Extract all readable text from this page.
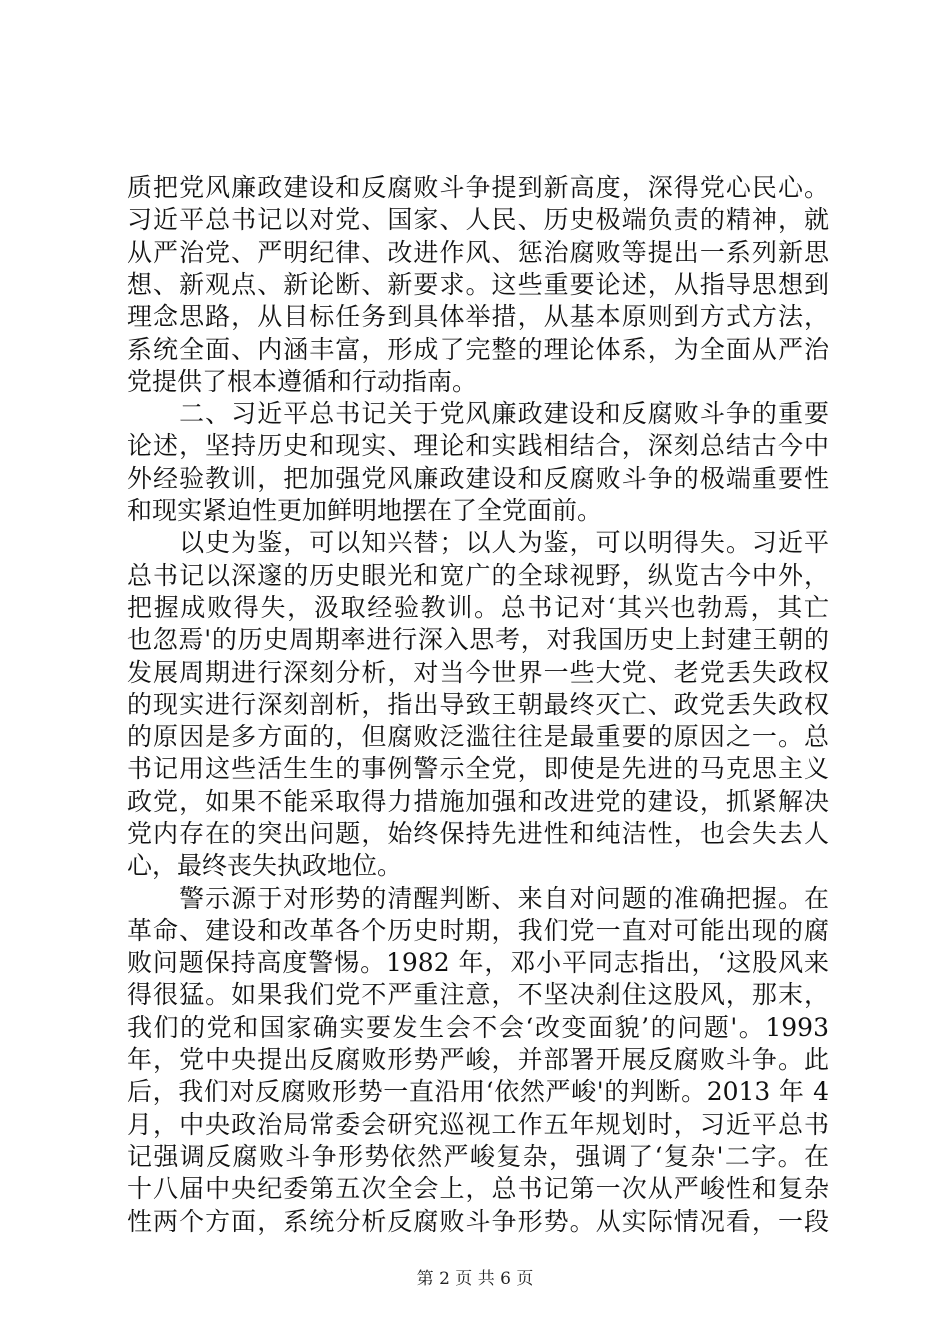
质把党风廉政建设和反腐败斗争提到新高度，深得党心民心。
习近平总书记以对党、国家、人民、历史极端负责的精神，就
从严治党、严明纪律、改进作风、惩治腐败等提出一系列新思
想、新观点、新论断、新要求。这些重要论述，从指导思想到
理念思路，从目标任务到具体举措，从基本原则到方式方法，
系统全面、内涵丰富，形成了完整的理论体系，为全面从严治
党提供了根本遵循和行动指南。
　　二、习近平总书记关于党风廉政建设和反腐败斗争的重要
论述，坚持历史和现实、理论和实践相结合，深刻总结古今中
外经验教训，把加强党风廉政建设和反腐败斗争的极端重要性
和现实紧迫性更加鲜明地摆在了全党面前。
　　以史为鉴，可以知兴替；以人为鉴，可以明得失。习近平
总书记以深邃的历史眼光和宽广的全球视野，纵览古今中外，
把握成败得失，汲取经验教训。总书记对‘其兴也勃焉，其亡
也忽焉'的历史周期率进行深入思考，对我国历史上封建王朝的
发展周期进行深刻分析，对当今世界一些大党、老党丢失政权
的现实进行深刻剖析，指出导致王朝最终灭亡、政党丢失政权
的原因是多方面的，但腐败泛滥往往是最重要的原因之一。总
书记用这些活生生的事例警示全党，即使是先进的马克思主义
政党，如果不能采取得力措施加强和改进党的建设，抓紧解决
党内存在的突出问题，始终保持先进性和纯洁性，也会失去人
心，最终丧失执政地位。
　　警示源于对形势的清醒判断、来自对问题的准确把握。在
革命、建设和改革各个历史时期，我们党一直对可能出现的腐
败问题保持高度警惕。1982 年，邓小平同志指出，‘这股风来
得很猛。如果我们党不严重注意，不坚决刹住这股风，那末，
我们的党和国家确实要发生会不会‘改变面貌’的问题'。1993
年，党中央提出反腐败形势严峻，并部署开展反腐败斗争。此
后，我们对反腐败形势一直沿用‘依然严峻'的判断。2013 年 4
月，中央政治局常委会研究巡视工作五年规划时，习近平总书
记强调反腐败斗争形势依然严峻复杂，强调了‘复杂'二字。在
第 2 页 共 6 页
十八届中央纪委第五次全会上，总书记第一次从严峻性和复杂
性两个方面，系统分析反腐败斗争形势。从实际情况看，一段
